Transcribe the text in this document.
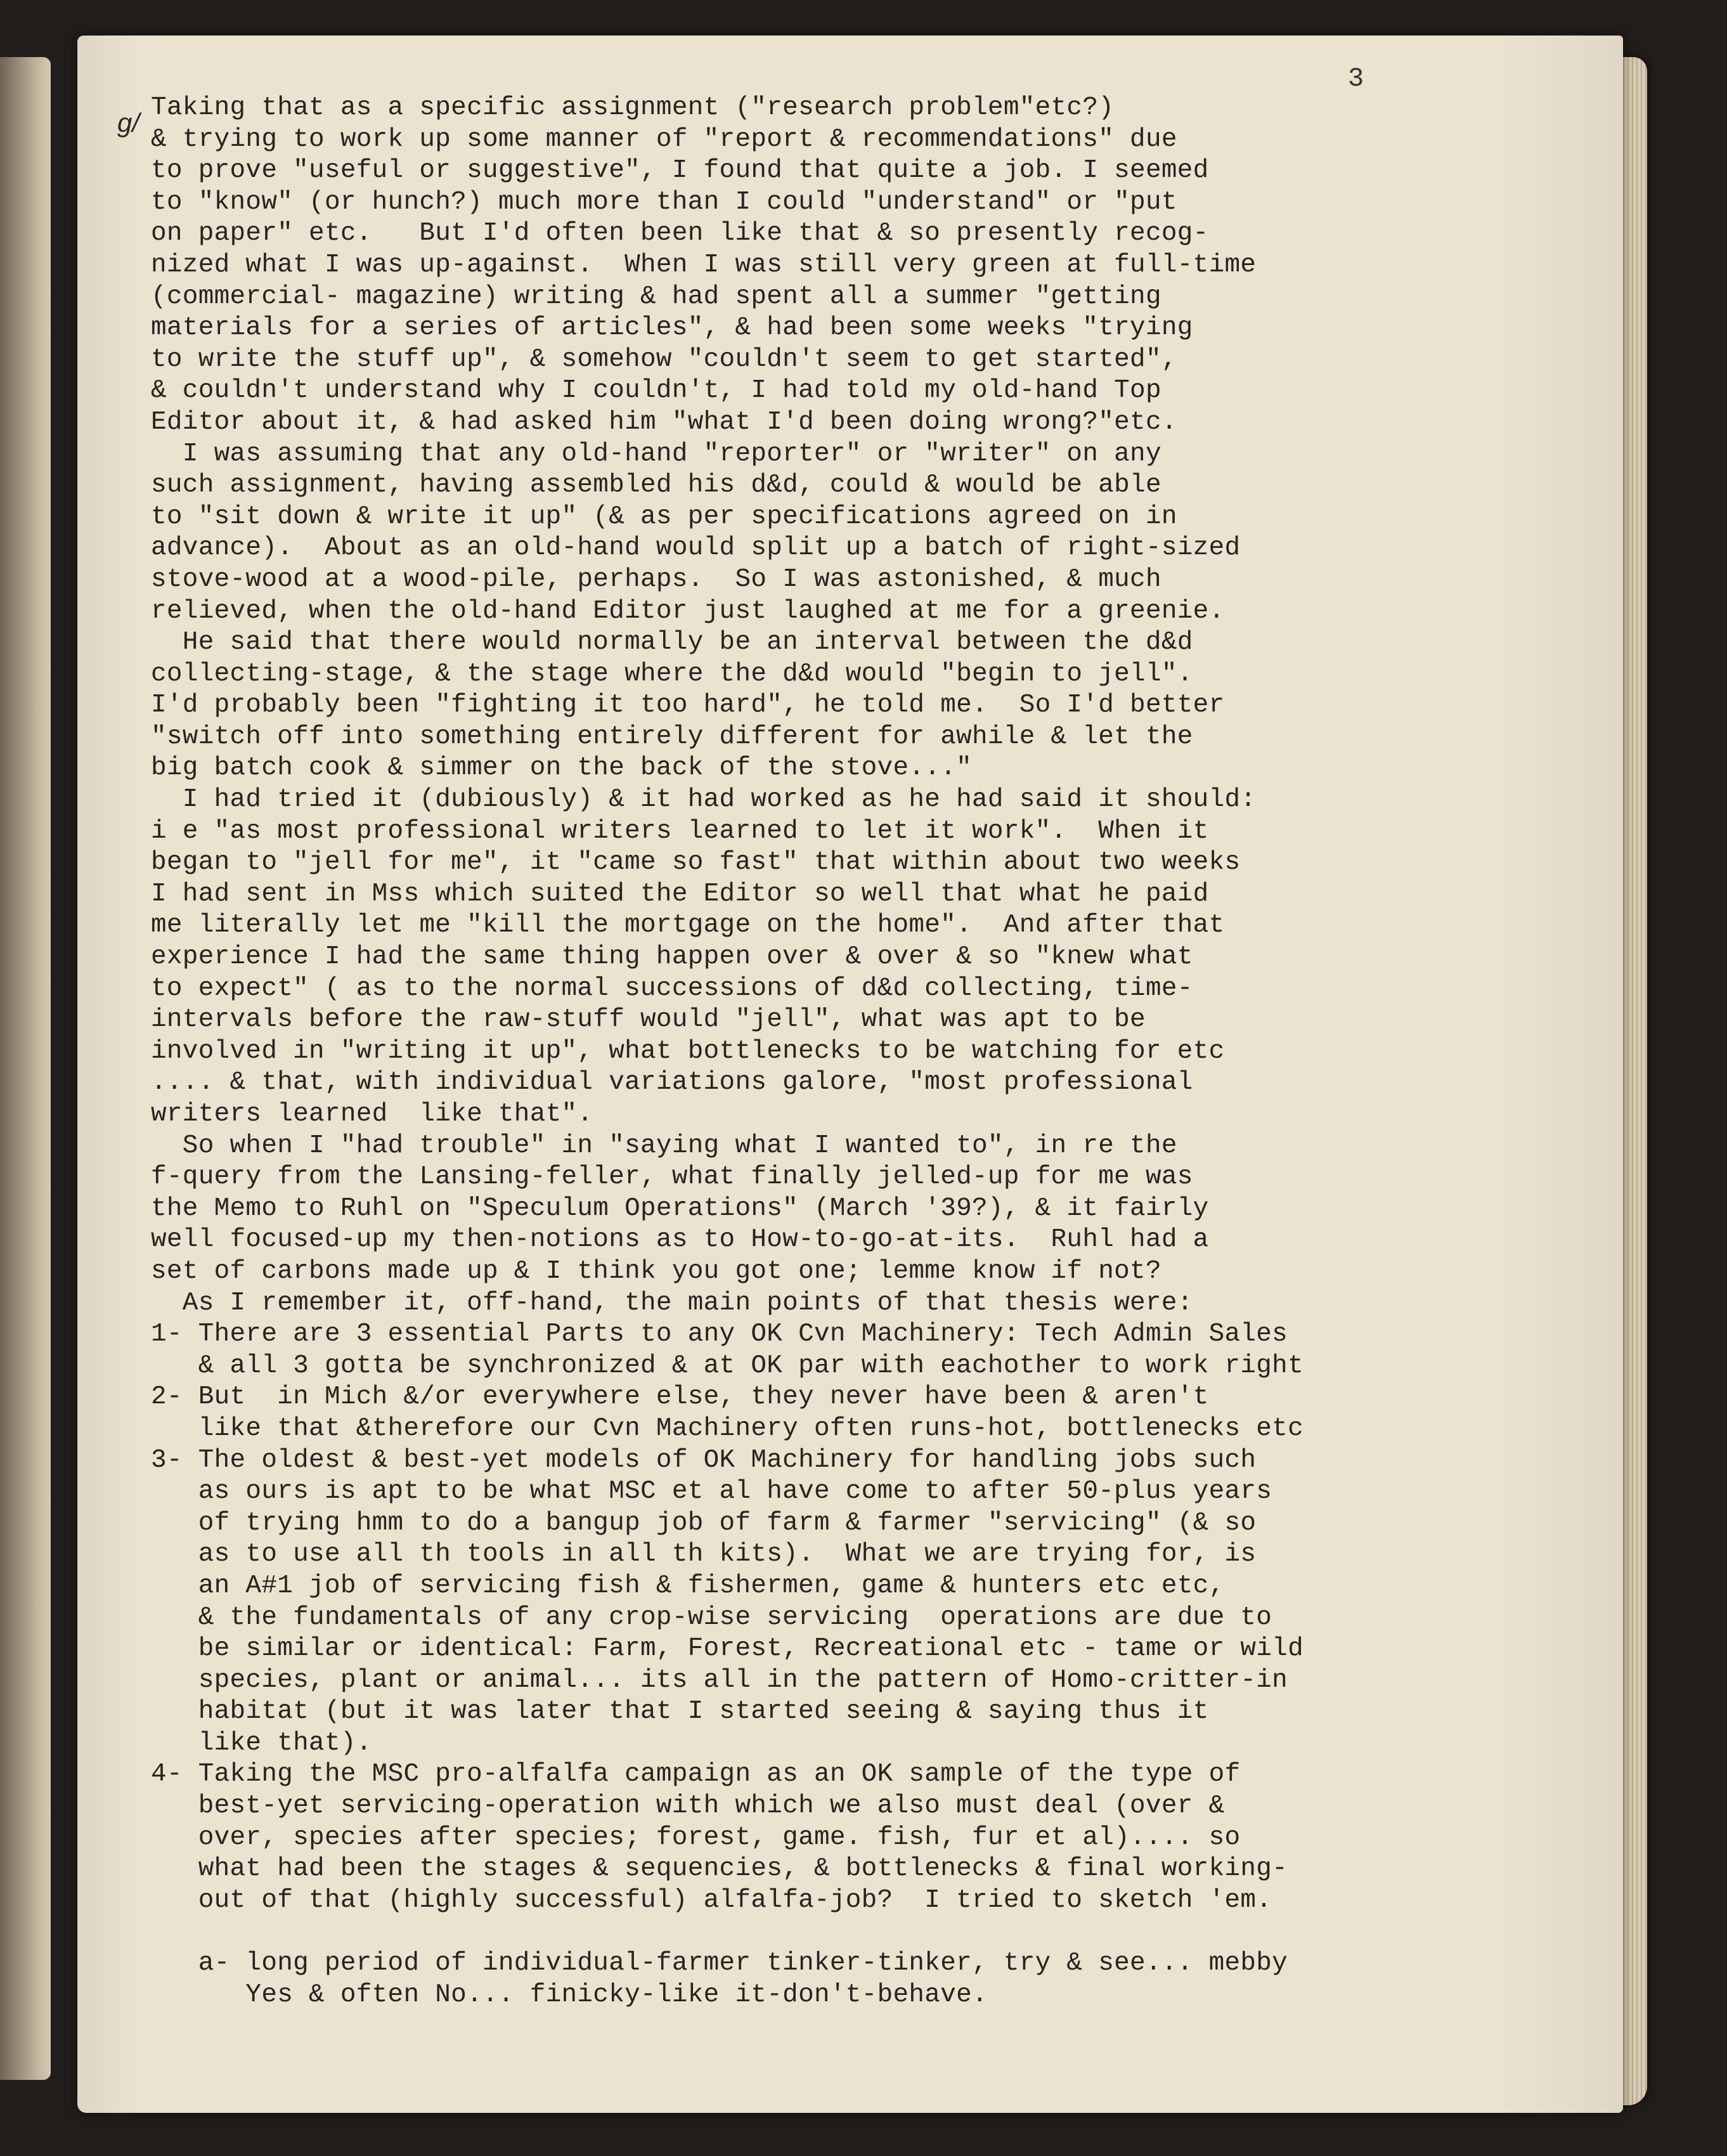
3
g/ Taking that as a specific assignment ("research problem"etc?)
& trying to work up some manner of "report & recommendations" due
to prove "useful or suggestive", I found that quite a job. I seemed
to "know" (or hunch?) much more than I could "understand" or "put
on paper" etc.   But I'd often been like that & so presently recog-
nized what I was up-against.  When I was still very green at full-time
(commercial- magazine) writing & had spent all a summer "getting
materials for a series of articles", & had been some weeks "trying
to write the stuff up", & somehow "couldn't seem to get started",
& couldn't understand why I couldn't, I had told my old-hand Top
Editor about it, & had asked him "what I'd been doing wrong?"etc.
I was assuming that any old-hand "reporter" or "writer" on any
such assignment, having assembled his d&d, could & would be able
to "sit down & write it up" (& as per specifications agreed on in
advance).  About as an old-hand would split up a batch of right-sized
stove-wood at a wood-pile, perhaps.  So I was astonished, & much
relieved, when the old-hand Editor just laughed at me for a greenie.
He said that there would normally be an interval between the d&d
collecting-stage, & the stage where the d&d would "begin to jell".
I'd probably been "fighting it too hard", he told me.  So I'd better
"switch off into something entirely different for awhile & let the
big batch cook & simmer on the back of the stove..."
I had tried it (dubiously) & it had worked as he had said it should:
i e "as most professional writers learned to let it work".  When it
began to "jell for me", it "came so fast" that within about two weeks
I had sent in Mss which suited the Editor so well that what he paid
me literally let me "kill the mortgage on the home".  And after that
experience I had the same thing happen over & over & so "knew what
to expect" ( as to the normal successions of d&d collecting, time-
intervals before the raw-stuff would "jell", what was apt to be
involved in "writing it up", what bottlenecks to be watching for etc
.... & that, with individual variations galore, "most professional
writers learned  like that".
So when I "had trouble" in "saying what I wanted to", in re the
f-query from the Lansing-feller, what finally jelled-up for me was
the Memo to Ruhl on "Speculum Operations" (March '39?), & it fairly
well focused-up my then-notions as to How-to-go-at-its.  Ruhl had a
set of carbons made up & I think you got one; lemme know if not?
As I remember it, off-hand, the main points of that thesis were:
1- There are 3 essential Parts to any OK Cvn Machinery: Tech Admin Sales
& all 3 gotta be synchronized & at OK par with eachother to work right
2- But  in Mich &/or everywhere else, they never have been & aren't
like that &therefore our Cvn Machinery often runs-hot, bottlenecks etc
3- The oldest & best-yet models of OK Machinery for handling jobs such
as ours is apt to be what MSC et al have come to after 50-plus years
of trying hmm to do a bangup job of farm & farmer "servicing" (& so
as to use all th tools in all th kits).  What we are trying for, is
an A#1 job of servicing fish & fishermen, game & hunters etc etc,
& the fundamentals of any crop-wise servicing  operations are due to
be similar or identical: Farm, Forest, Recreational etc - tame or wild
species, plant or animal... its all in the pattern of Homo-critter-in
habitat (but it was later that I started seeing & saying thus it
like that).
4- Taking the MSC pro-alfalfa campaign as an OK sample of the type of
best-yet servicing-operation with which we also must deal (over &
over, species after species; forest, game. fish, fur et al).... so
what had been the stages & sequencies, & bottlenecks & final working-
out of that (highly successful) alfalfa-job?  I tried to sketch 'em.
a- long period of individual-farmer tinker-tinker, try & see... mebby
Yes & often No... finicky-like it-don't-behave.
